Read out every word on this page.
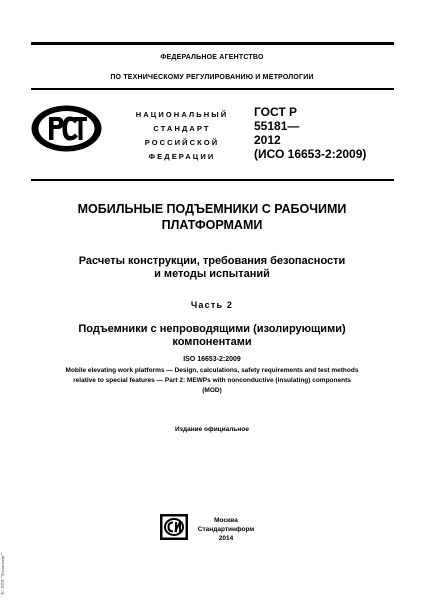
ФЕДЕРАЛЬНОЕ АГЕНТСТВО
ПО ТЕХНИЧЕСКОМУ РЕГУЛИРОВАНИЮ И МЕТРОЛОГИИ
НАЦИОНАЛЬНЫЙ
СТАНДАРТ
РОССИЙСКОЙ
ФЕДЕРАЦИИ
ГОСТ Р
55181—
2012
(ИСО 16653-2:2009)
МОБИЛЬНЫЕ ПОДЪЕМНИКИ С РАБОЧИМИ
ПЛАТФОРМАМИ
Расчеты конструкции, требования безопасности
и методы испытаний
Часть 2
Подъемники с непроводящими (изолирующими)
компонентами
ISO 16653-2:2009
Mobile elevating work platforms — Design, calculations, safety requirements and test methods
relative to special features — Part 2: MEWPs with nonconductive (insulating) components
(MOD)
Издание официальное
Москва
Стандартинформ
2014
ЗС НТИ "Техэксперт"
